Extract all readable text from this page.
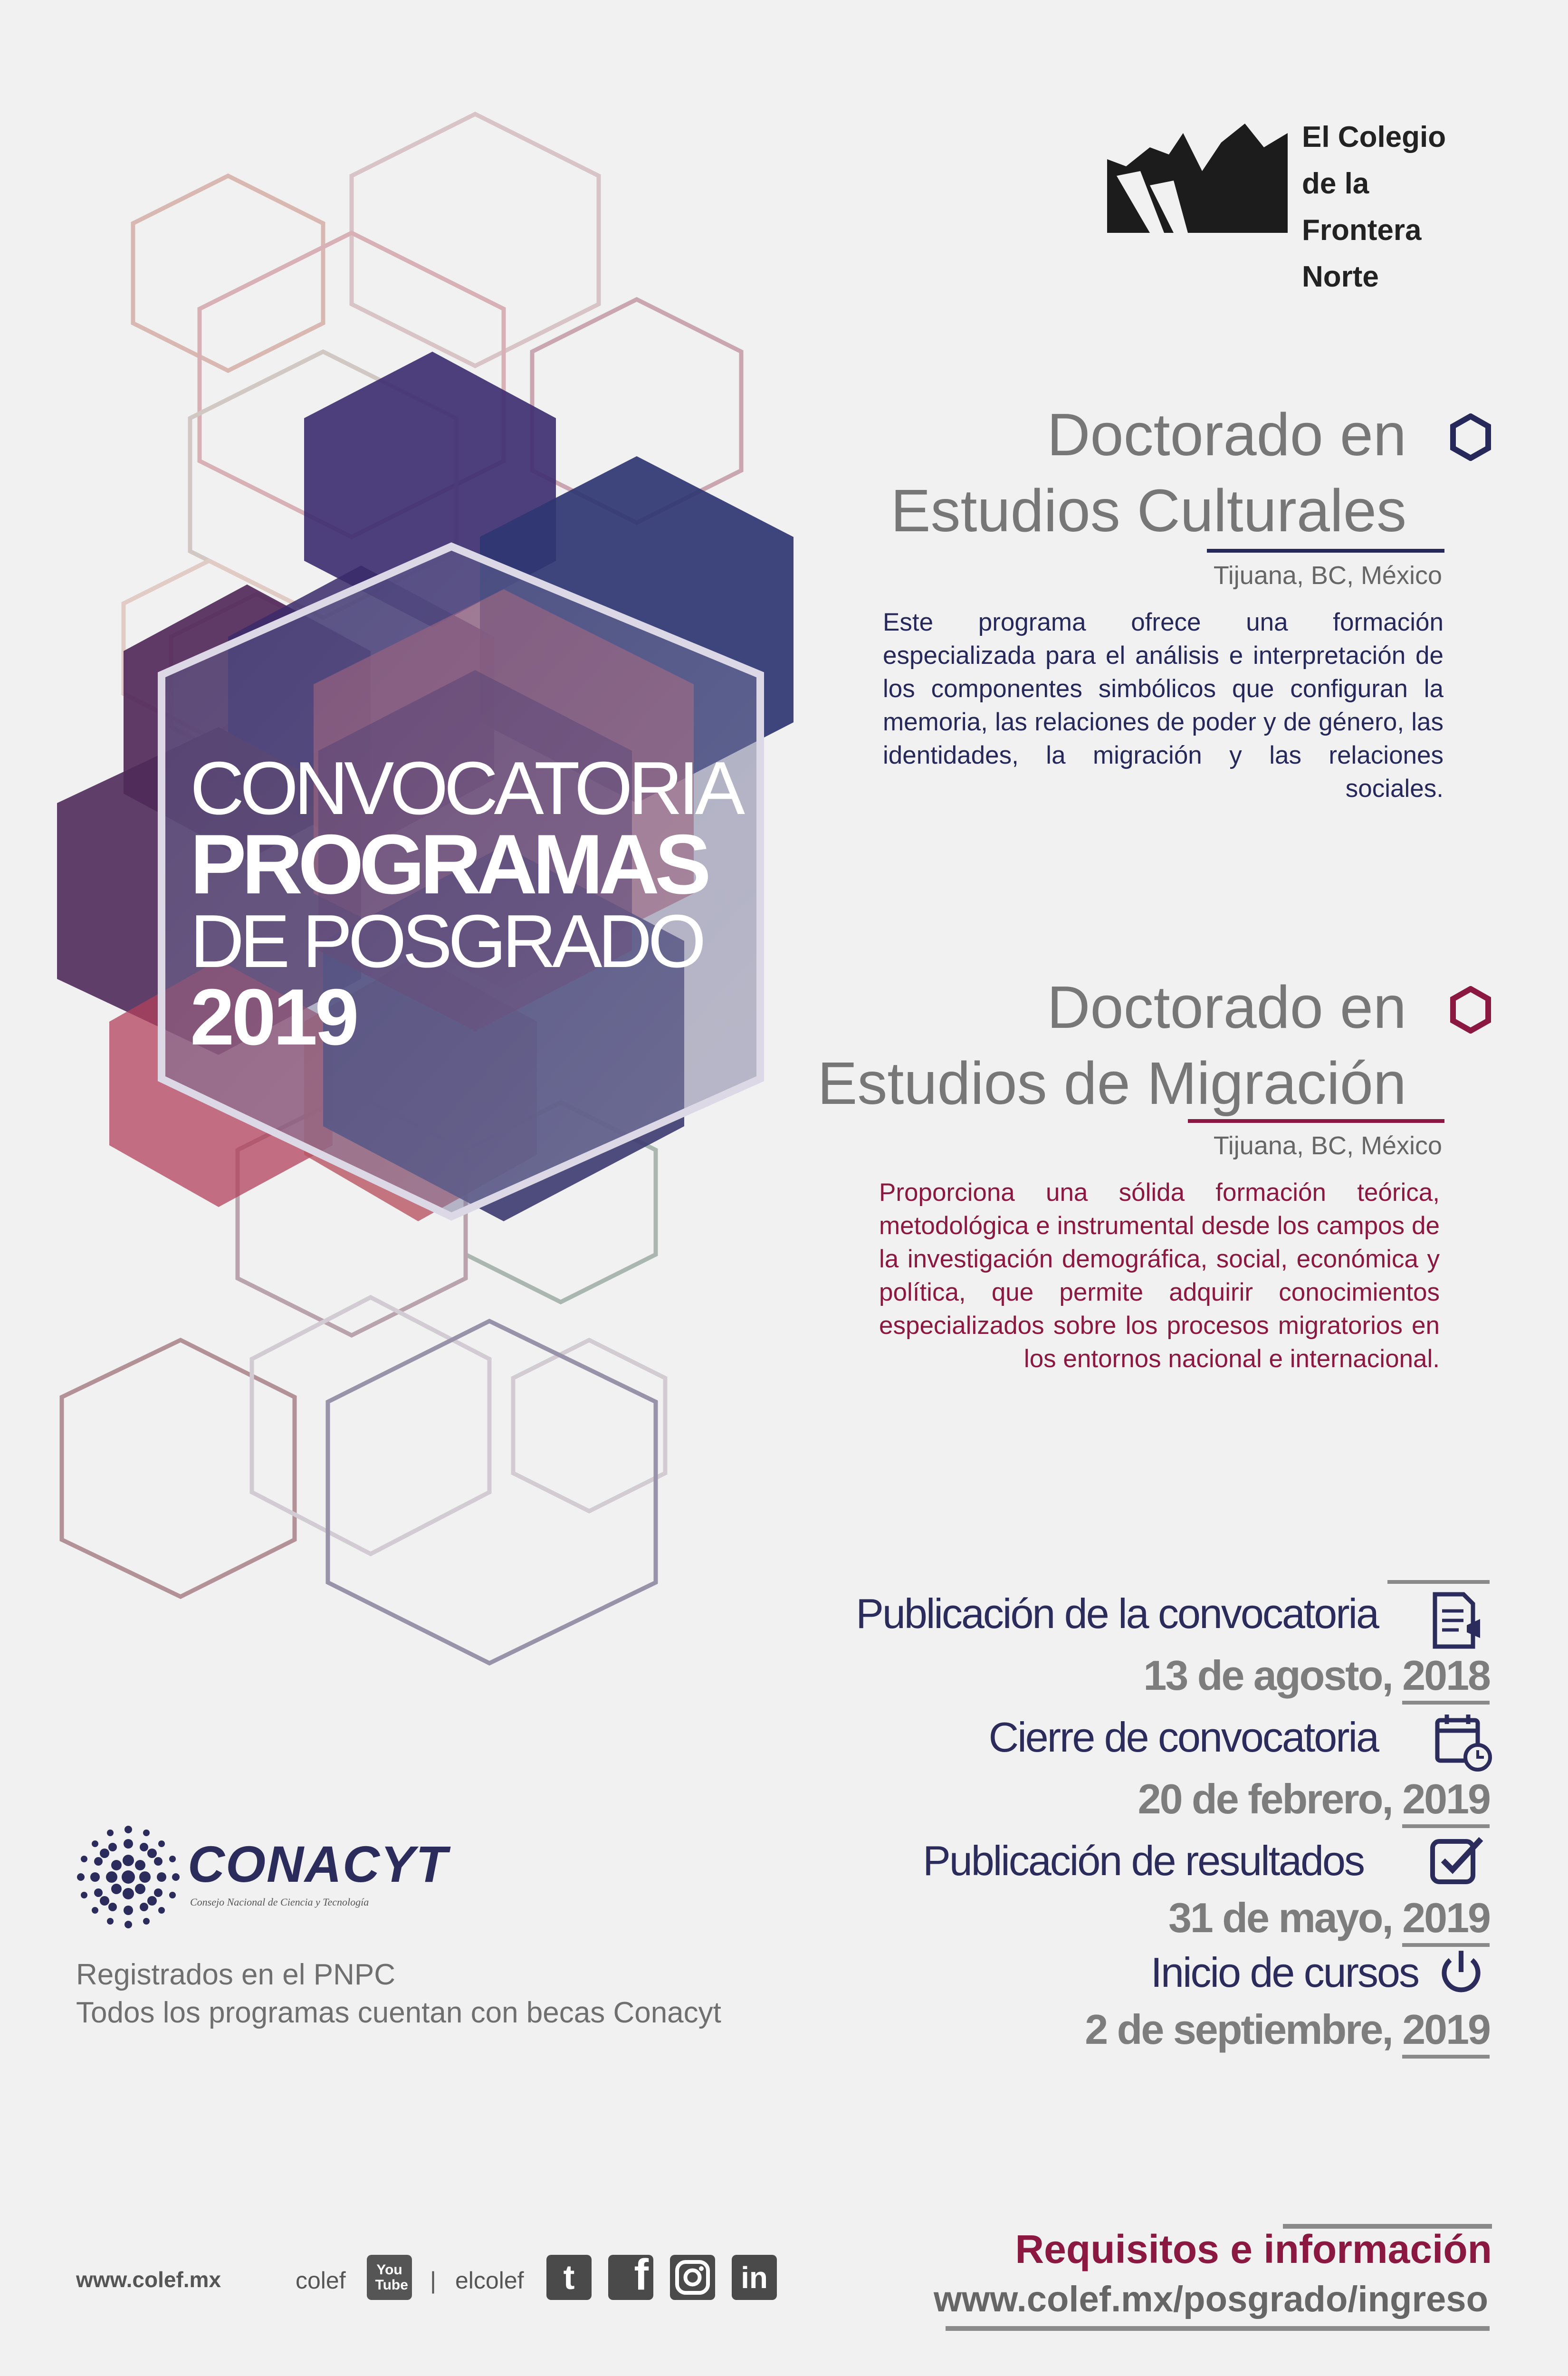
El Colegio
de la Frontera
Norte
CONVOCATORIA
PROGRAMAS
DE POSGRADO
2019
Doctorado en
Estudios Culturales
Tijuana, BC, México
Este programa ofrece una formación especializada para el análisis e interpretación de los componentes simbólicos que configuran la memoria, las relaciones de poder y de género, las identidades, la migración y las relaciones sociales.
Doctorado en
Estudios de Migración
Tijuana, BC, México
Proporciona una sólida formación teórica, metodológica e instrumental desde los campos de la investigación demográfica, social, económica y política, que permite adquirir conocimientos especializados sobre los procesos migratorios en los entornos nacional e internacional.
Publicación de la convocatoria
13 de agosto, 2018
Cierre de convocatoria
20 de febrero, 2019
Publicación de resultados
31 de mayo, 2019
Inicio de cursos
2 de septiembre, 2019
CONACYT
Consejo Nacional de Ciencia y Tecnología
Registrados en el PNPC
Todos los programas cuentan con becas Conacyt
www.colef.mx	colef You Tube | elcolef t f	in
Requisitos e información
www.colef.mx/posgrado/ingreso
